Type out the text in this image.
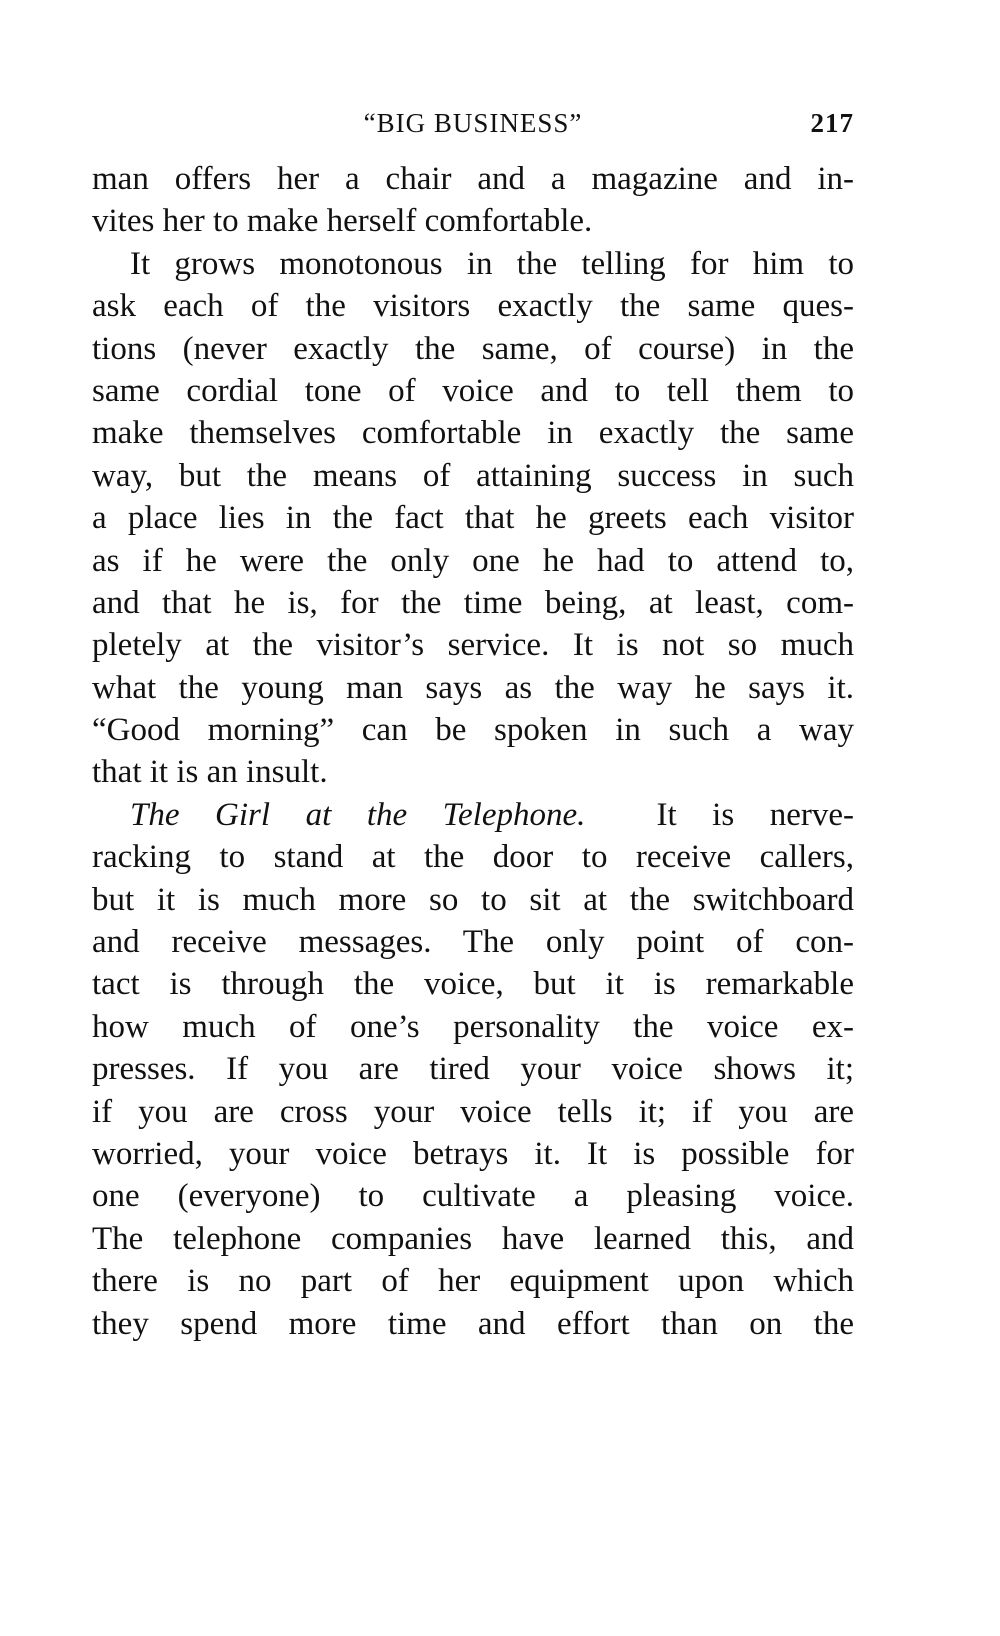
“BIG BUSINESS”	217
man offers her a chair and a magazine and in-
vites her to make herself comfortable.
It grows monotonous in the telling for him to
ask each of the visitors exactly the same ques-
tions (never exactly the same, of course) in the
same cordial tone of voice and to tell them to
make themselves comfortable in exactly the same
way, but the means of attaining success in such
a place lies in the fact that he greets each visitor
as if he were the only one he had to attend to,
and that he is, for the time being, at least, com-
pletely at the visitor’s service. It is not so much
what the young man says as the way he says it.
“Good morning” can be spoken in such a way
that it is an insult.
The Girl at the Telephone. It is nerve-
racking to stand at the door to receive callers,
but it is much more so to sit at the switchboard
and receive messages. The only point of con-
tact is through the voice, but it is remarkable
how much of one’s personality the voice ex-
presses. If you are tired your voice shows it;
if you are cross your voice tells it; if you are
worried, your voice betrays it. It is possible for
one (everyone) to cultivate a pleasing voice.
The telephone companies have learned this, and
there is no part of her equipment upon which
they spend more time and effort than on the
